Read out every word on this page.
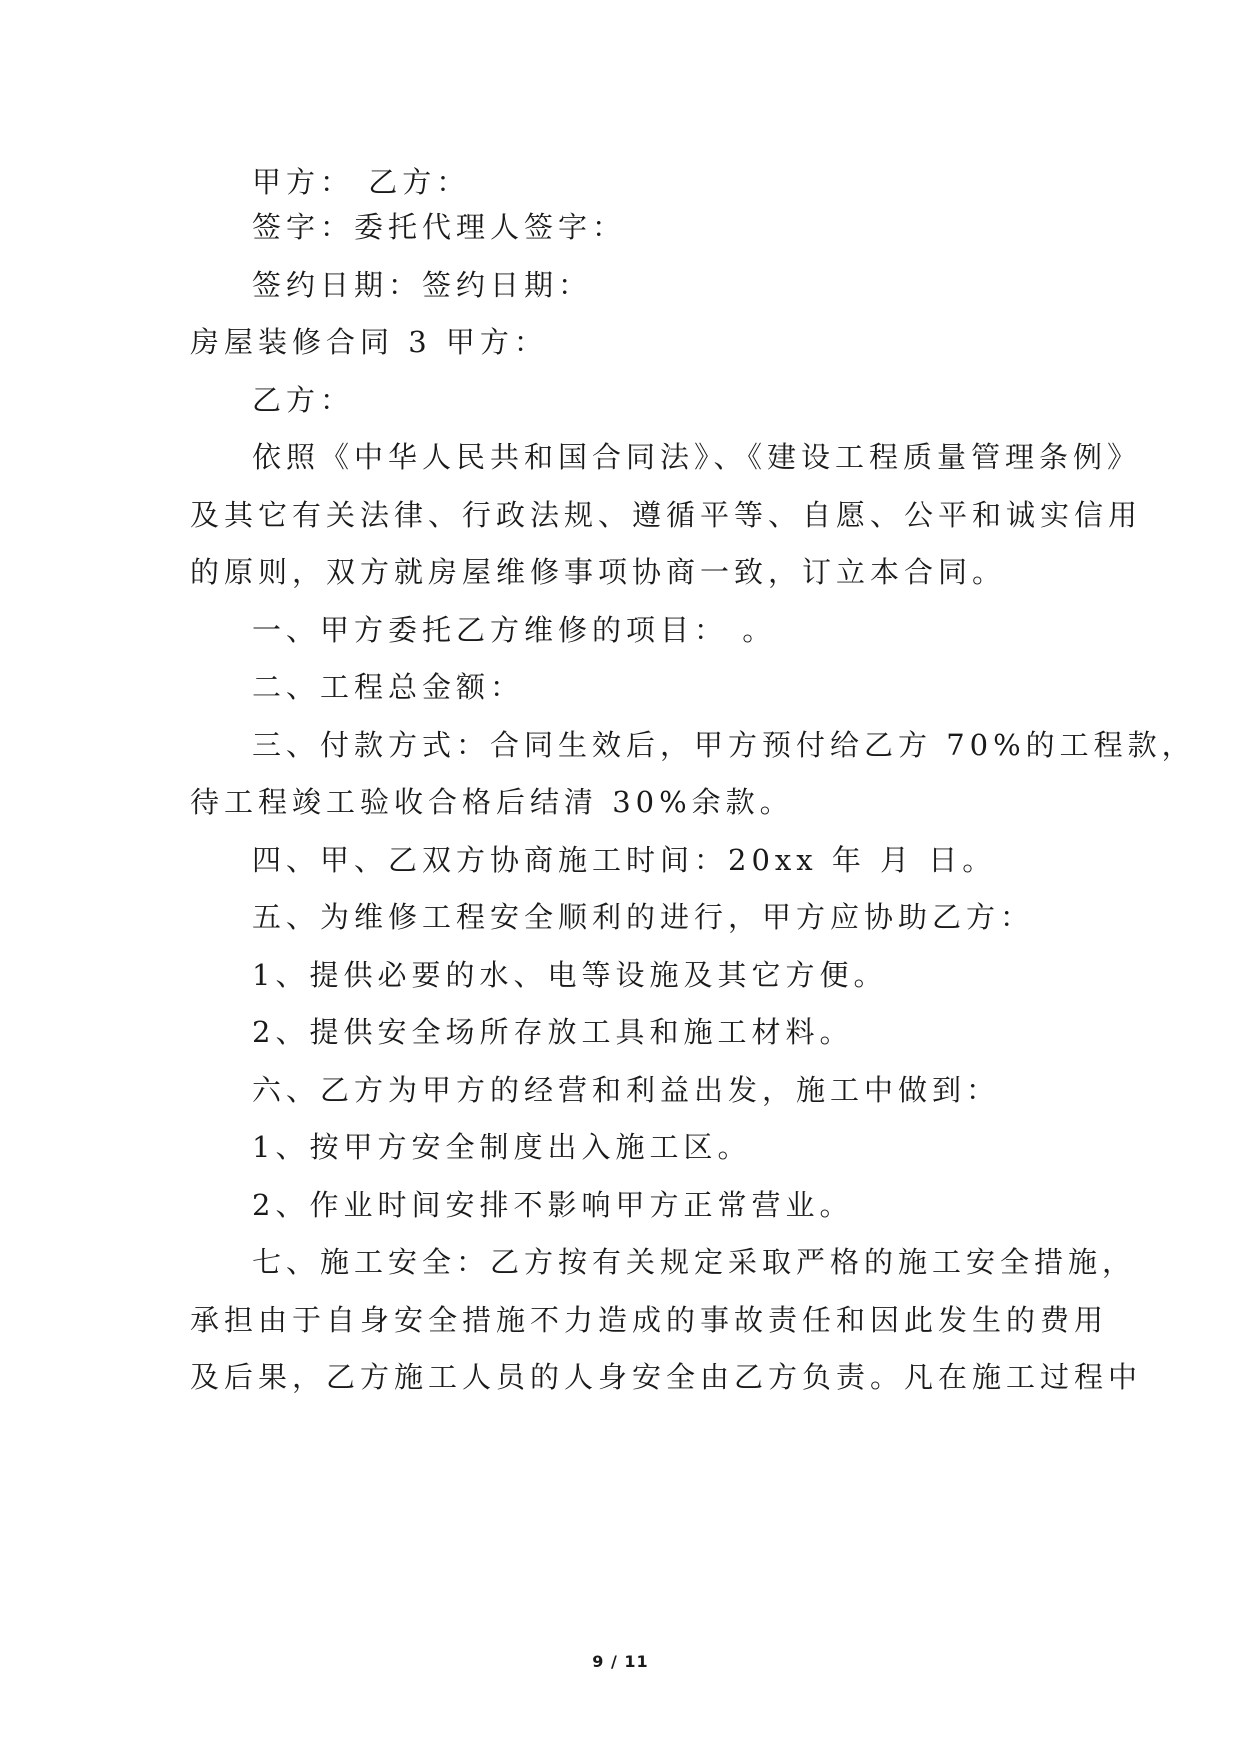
甲方： 乙方：
签字：委托代理人签字：
签约日期：签约日期：
房屋装修合同 3 甲方：
乙方：
依照《中华人民共和国合同法》、《建设工程质量管理条例》
及其它有关法律、行政法规、遵循平等、自愿、公平和诚实信用
的原则，双方就房屋维修事项协商一致，订立本合同。
一、甲方委托乙方维修的项目： 。
二、工程总金额：
三、付款方式：合同生效后，甲方预付给乙方 70%的工程款，
待工程竣工验收合格后结清 30%余款。
四、甲、乙双方协商施工时间：20xx 年 月 日。
五、为维修工程安全顺利的进行，甲方应协助乙方：
1、提供必要的水、电等设施及其它方便。
2、提供安全场所存放工具和施工材料。
六、乙方为甲方的经营和利益出发，施工中做到：
1、按甲方安全制度出入施工区。
2、作业时间安排不影响甲方正常营业。
七、施工安全：乙方按有关规定采取严格的施工安全措施，
承担由于自身安全措施不力造成的事故责任和因此发生的费用
及后果，乙方施工人员的人身安全由乙方负责。凡在施工过程中
9 / 11
